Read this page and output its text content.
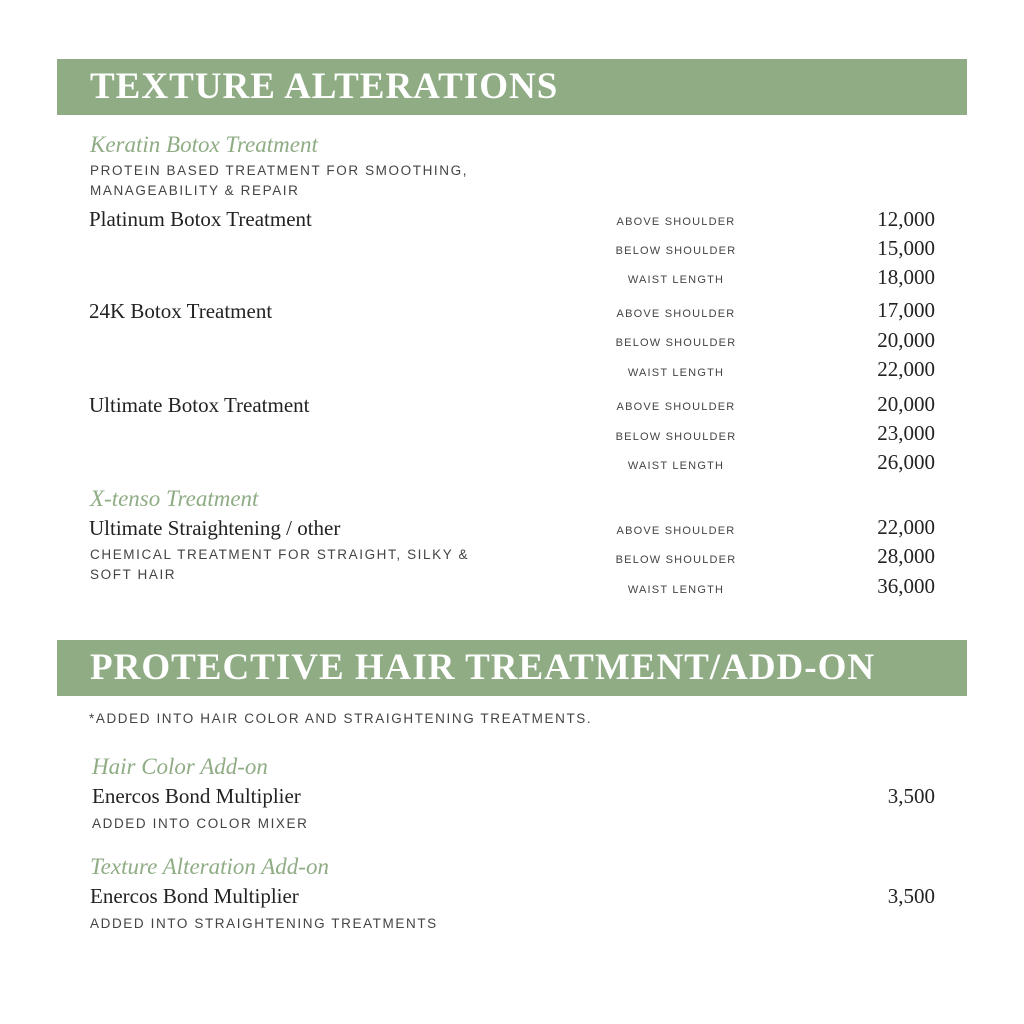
TEXTURE ALTERATIONS
Keratin Botox Treatment
PROTEIN BASED TREATMENT FOR SMOOTHING,
MANAGEABILITY & REPAIR
Platinum Botox Treatment	ABOVE SHOULDER	12,000
BELOW SHOULDER	15,000
WAIST LENGTH	18,000
24K Botox Treatment	ABOVE SHOULDER	17,000
BELOW SHOULDER	20,000
WAIST LENGTH	22,000
Ultimate Botox Treatment	ABOVE SHOULDER	20,000
BELOW SHOULDER	23,000
WAIST LENGTH	26,000
X-tenso Treatment
Ultimate Straightening / other
CHEMICAL TREATMENT FOR STRAIGHT, SILKY &
SOFT HAIR
ABOVE SHOULDER	22,000
BELOW SHOULDER	28,000
WAIST LENGTH	36,000
PROTECTIVE HAIR TREATMENT/ADD-ON
*ADDED INTO HAIR COLOR AND STRAIGHTENING TREATMENTS.
Hair Color Add-on
Enercos Bond Multiplier	3,500
ADDED INTO COLOR MIXER
Texture Alteration Add-on
Enercos Bond Multiplier	3,500
ADDED INTO STRAIGHTENING TREATMENTS
